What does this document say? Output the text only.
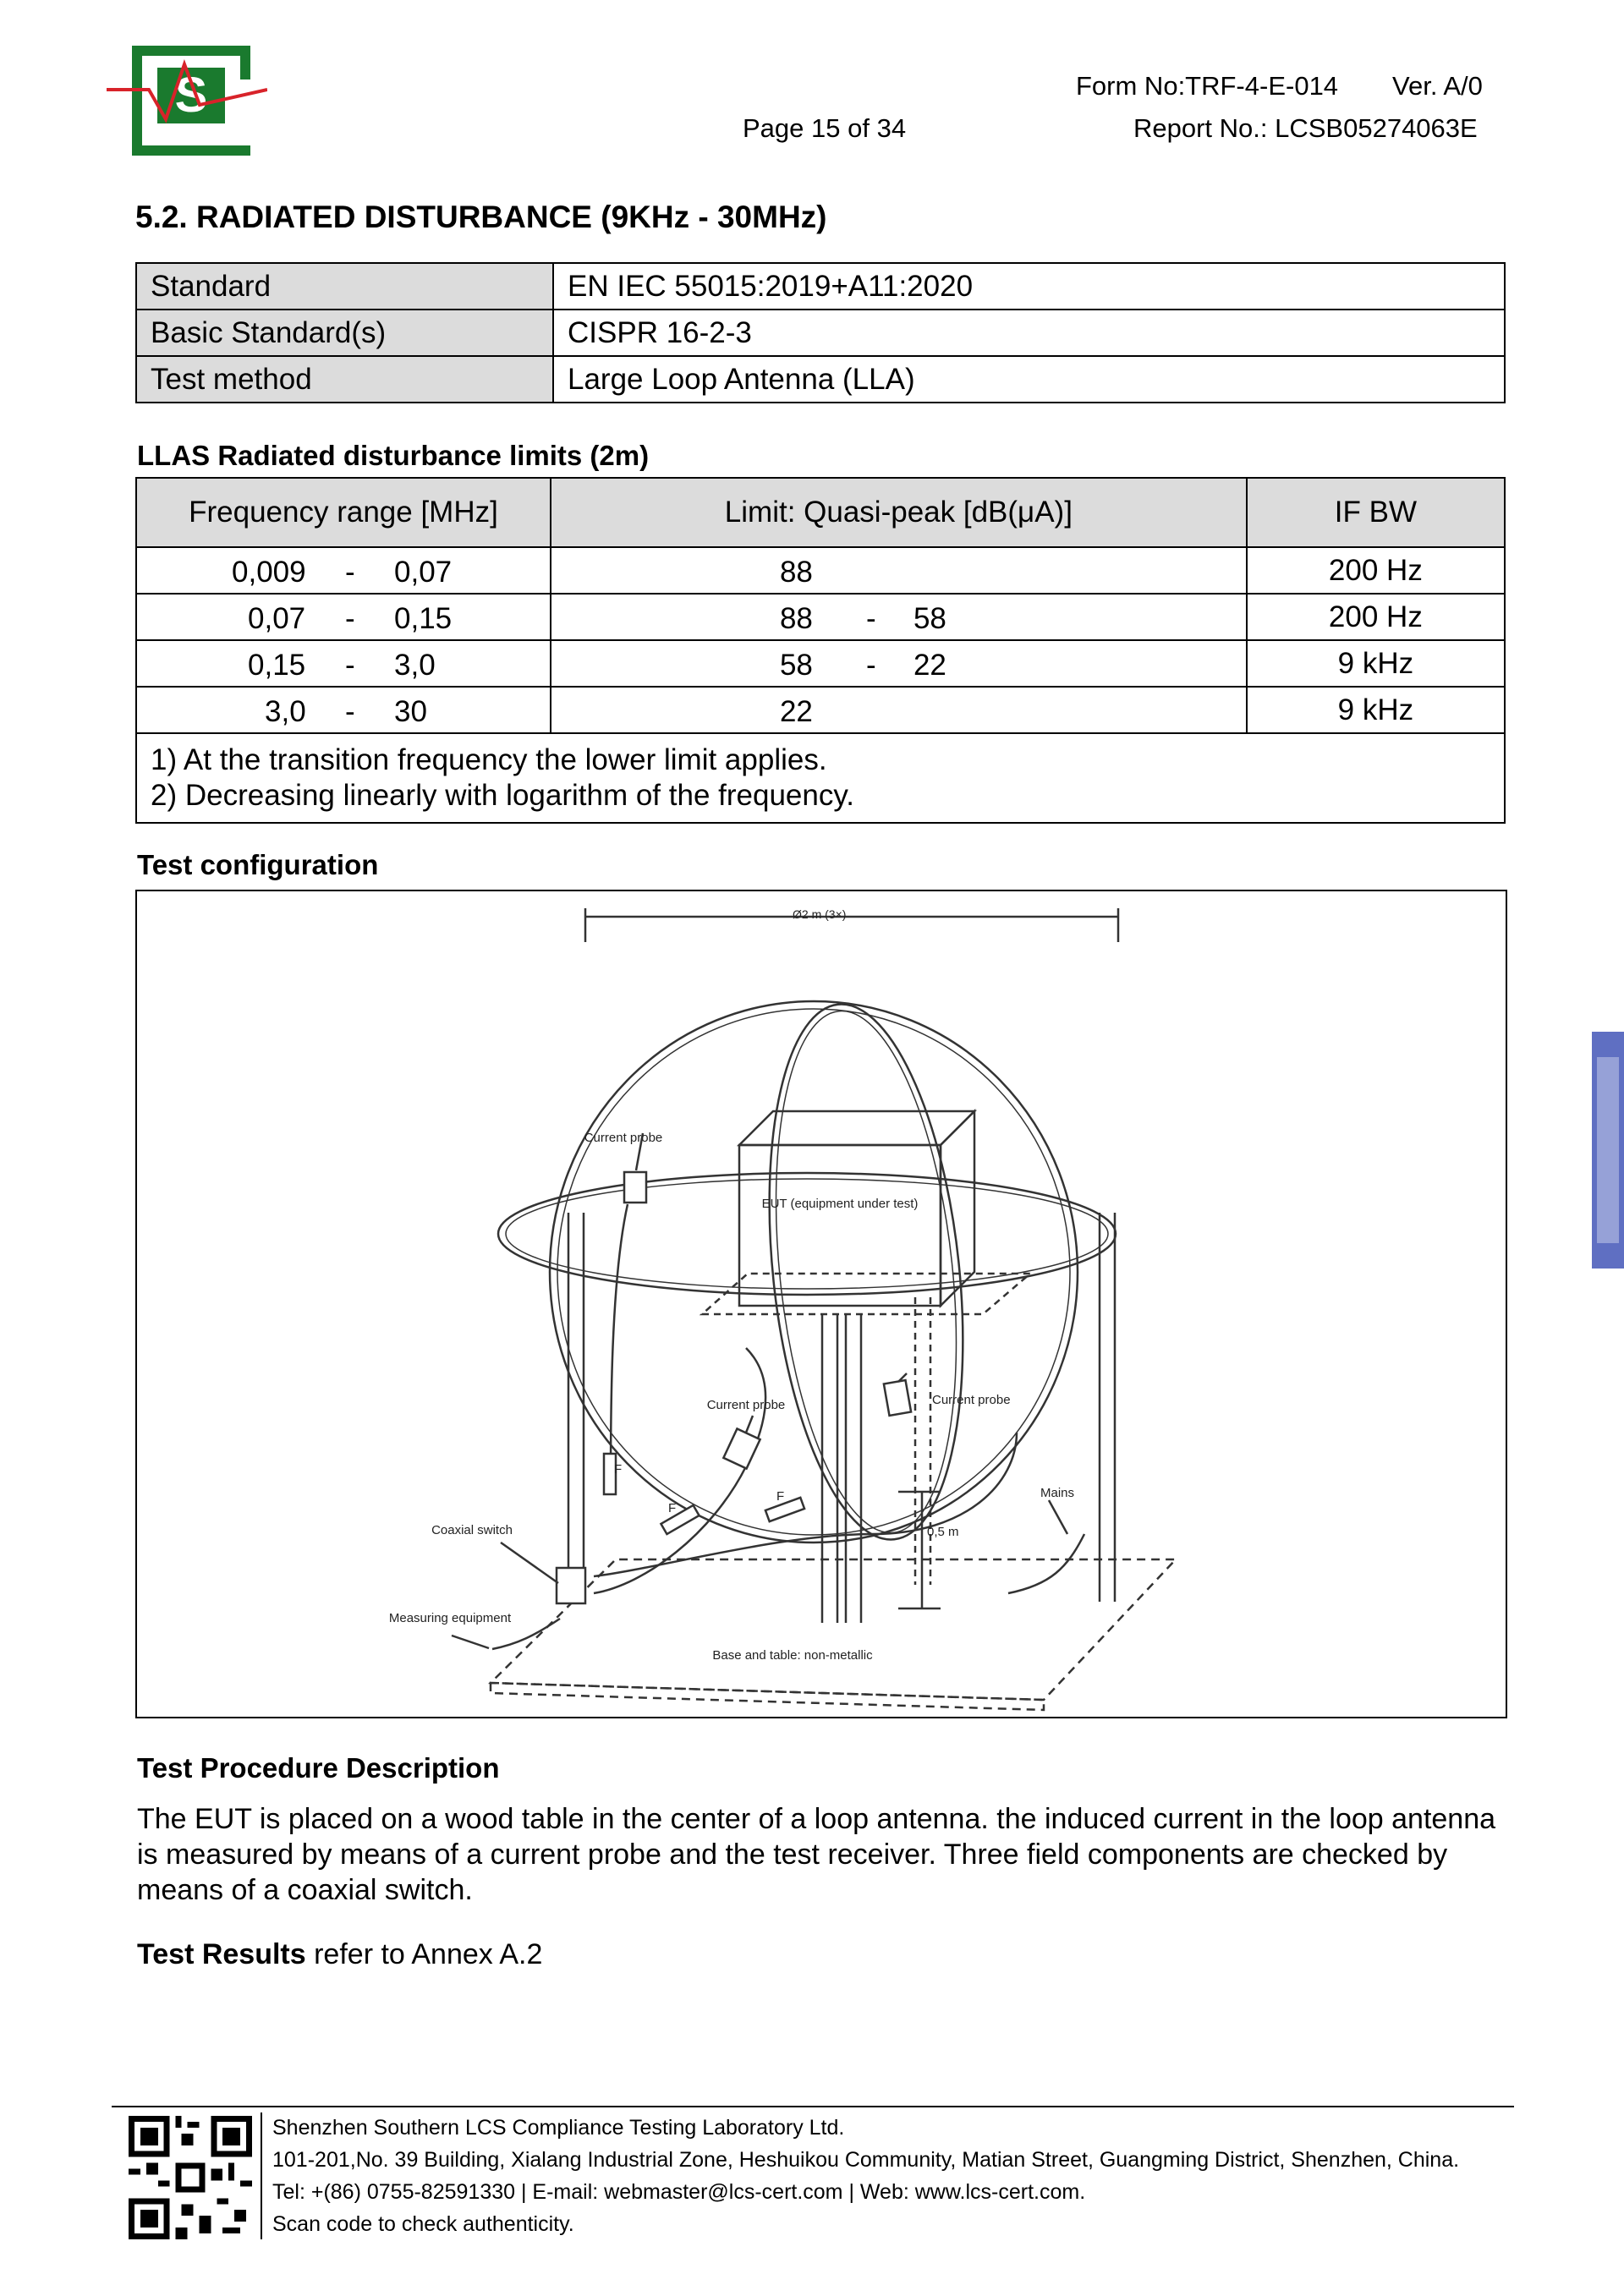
S
Page 15 of 34
Form No:TRF-4-E-014 Ver. A/0
Report No.: LCSB05274063E
5.2. RADIATED DISTURBANCE (9KHz - 30MHz)
Standard	EN IEC 55015:2019+A11:2020
Basic Standard(s)	CISPR 16-2-3
Test method	Large Loop Antenna (LLA)
LLAS Radiated disturbance limits (2m)
Frequency range [MHz]	Limit: Quasi-peak [dB(μA)]	IF BW

0,009 - 0,07	88	200 Hz

0,07 - 0,15	88 - 58	200 Hz

0,15 - 3,0	58 - 22	9 kHz

3,0 - 30	22	9 kHz

1) At the transition frequency the lower limit applies.
2) Decreasing linearly with logarithm of the frequency.		
Test configuration
Ø2 m (3×)
Current probe
EUT (equipment under test)
Current probe	Current probe
Coaxial switch
Measuring equipment
F
F
F
0,5 m
Mains
Base and table: non-metallic
Test Procedure Description
The EUT is placed on a wood table in the center of a loop antenna. the induced current in the loop antenna is measured by means of a current probe and the test receiver. Three field components are checked by means of a coaxial switch.
Test Results refer to Annex A.2
Shenzhen Southern LCS Compliance Testing Laboratory Ltd.
101-201,No. 39 Building, Xialang Industrial Zone, Heshuikou Community, Matian Street, Guangming District, Shenzhen, China.
Tel: +(86) 0755-82591330 | E-mail: webmaster@lcs-cert.com | Web: www.lcs-cert.com.
Scan code to check authenticity.
